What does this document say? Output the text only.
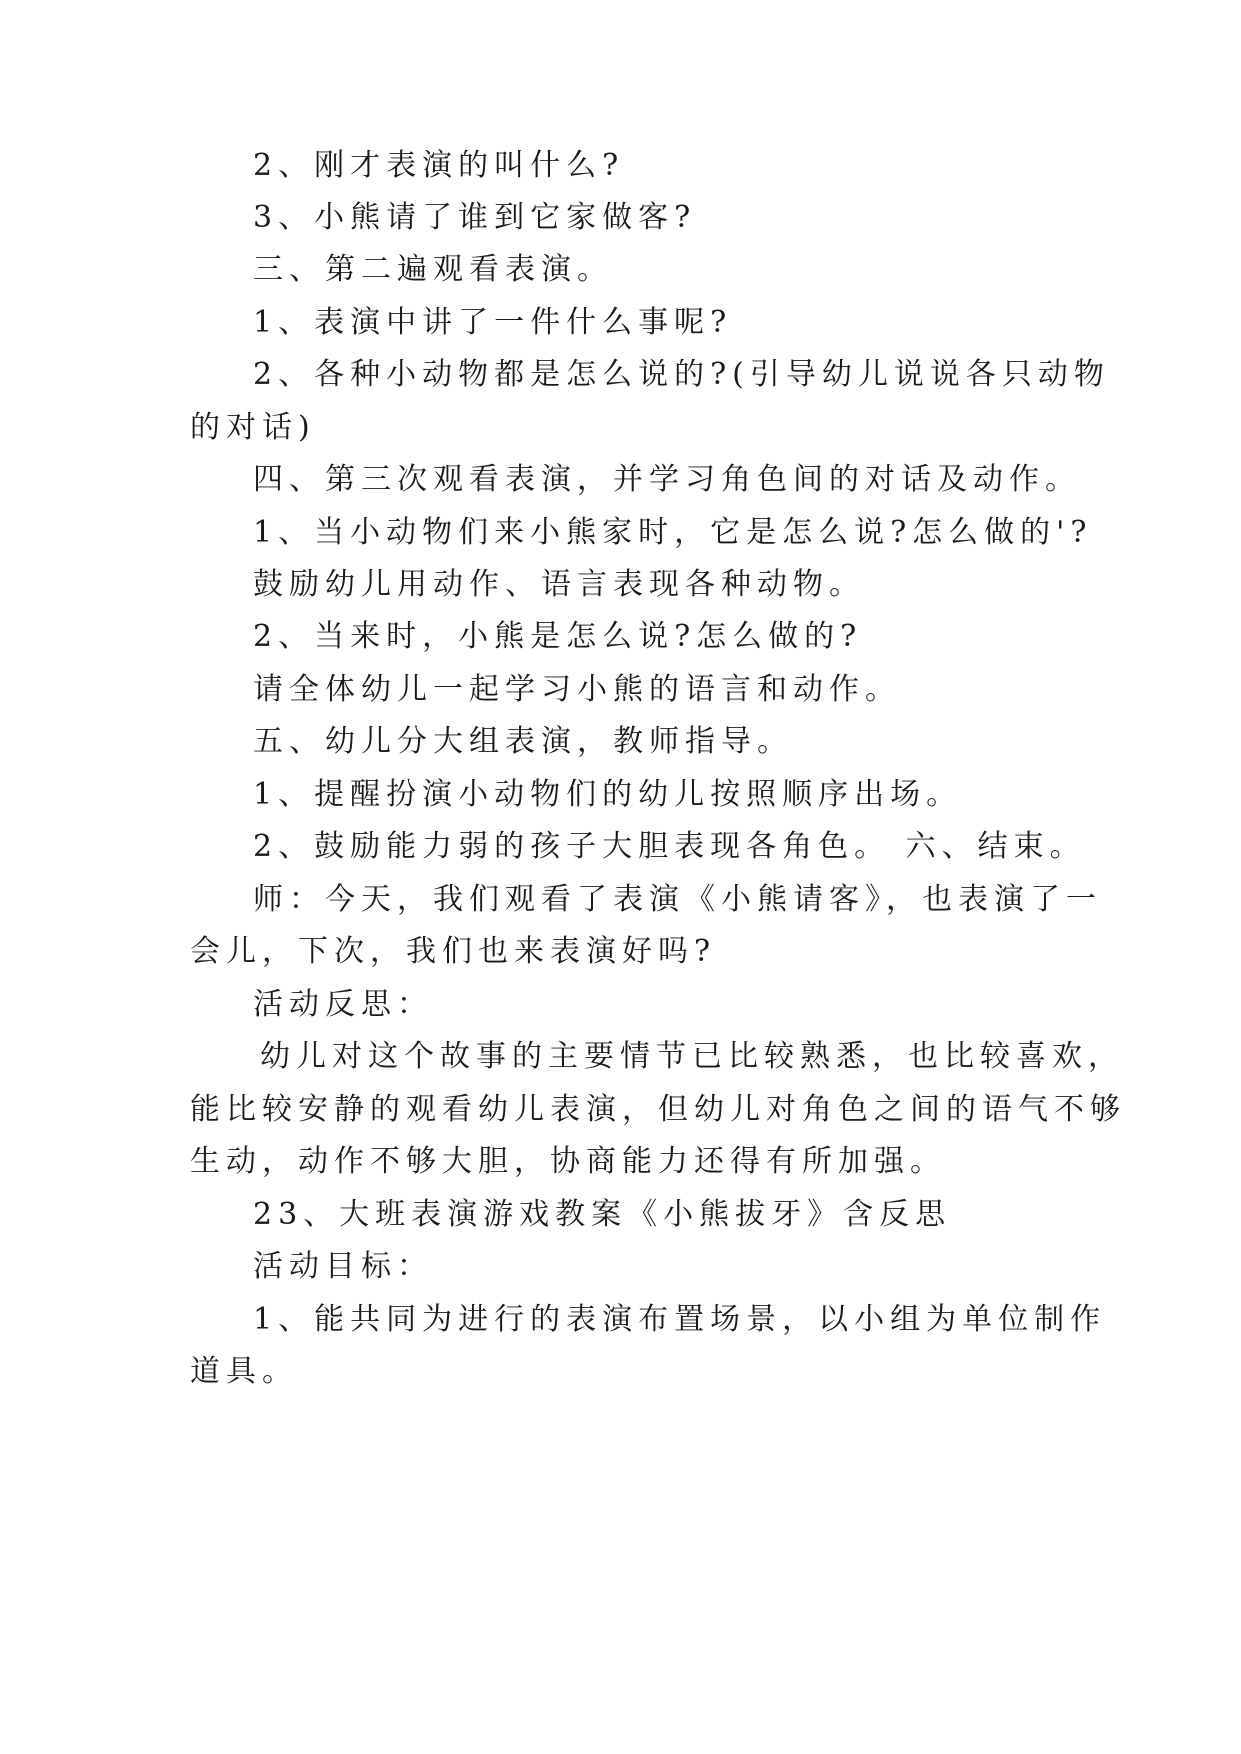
2、刚才表演的叫什么?

3、小熊请了谁到它家做客?

三、第二遍观看表演。

1、表演中讲了一件什么事呢?

2、各种小动物都是怎么说的?(引导幼儿说说各只动物

的对话)

四、第三次观看表演，并学习角色间的对话及动作。

1、当小动物们来小熊家时，它是怎么说?怎么做的'?

鼓励幼儿用动作、语言表现各种动物。

2、当来时，小熊是怎么说?怎么做的?

请全体幼儿一起学习小熊的语言和动作。

五、幼儿分大组表演，教师指导。

1、提醒扮演小动物们的幼儿按照顺序出场。

2、鼓励能力弱的孩子大胆表现各角色。 六、结束。

师：今天，我们观看了表演《小熊请客》，也表演了一

会儿，下次，我们也来表演好吗?

活动反思：

幼儿对这个故事的主要情节已比较熟悉，也比较喜欢，

能比较安静的观看幼儿表演，但幼儿对角色之间的语气不够

生动，动作不够大胆，协商能力还得有所加强。

23、大班表演游戏教案《小熊拔牙》含反思

活动目标：

1、能共同为进行的表演布置场景，以小组为单位制作

道具。
